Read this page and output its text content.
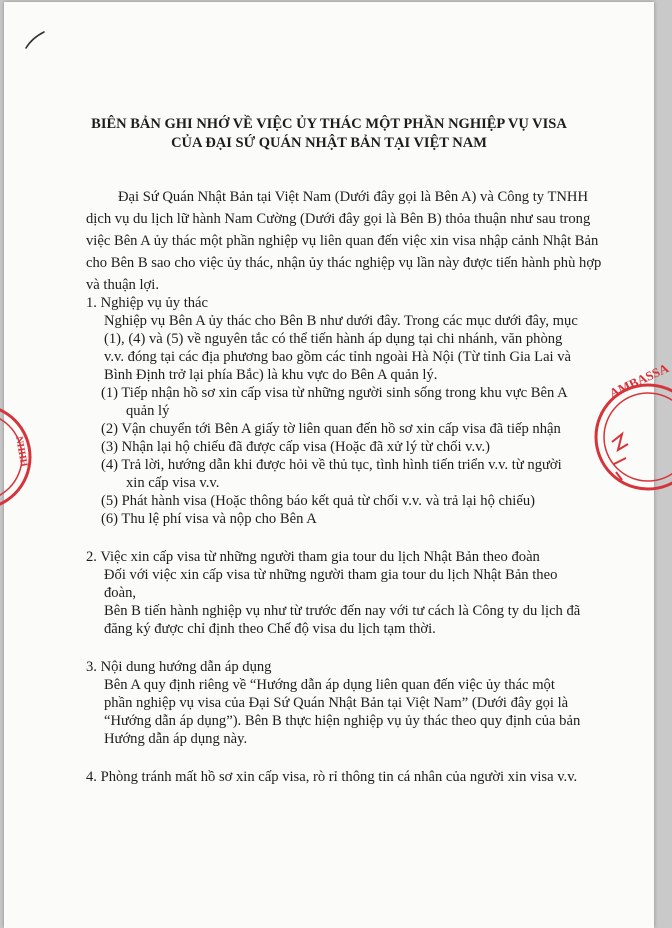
BIÊN BẢN GHI NHỚ VỀ VIỆC ỦY THÁC MỘT PHẦN NGHIỆP VỤ VISA
CỦA ĐẠI SỨ QUÁN NHẬT BẢN TẠI VIỆT NAM
Đại Sứ Quán Nhật Bản tại Việt Nam (Dưới đây gọi là Bên A) và Công ty TNHH
dịch vụ du lịch lữ hành Nam Cường (Dưới đây gọi là Bên B) thỏa thuận như sau trong
việc Bên A ủy thác một phần nghiệp vụ liên quan đến việc xin visa nhập cảnh Nhật Bản
cho Bên B sao cho việc ủy thác, nhận ủy thác nghiệp vụ lần này được tiến hành phù hợp
và thuận lợi.
1. Nghiệp vụ ủy thác
Nghiệp vụ Bên A ủy thác cho Bên B như dưới đây. Trong các mục dưới đây, mục
(1), (4) và (5) về nguyên tắc có thể tiến hành áp dụng tại chi nhánh, văn phòng
v.v. đóng tại các địa phương bao gồm các tỉnh ngoài Hà Nội (Từ tỉnh Gia Lai và
Bình Định trở lại phía Bắc) là khu vực do Bên A quản lý.
(1) Tiếp nhận hồ sơ xin cấp visa từ những người sinh sống trong khu vực Bên A
quản lý
(2) Vận chuyển tới Bên A giấy tờ liên quan đến hồ sơ xin cấp visa đã tiếp nhận
(3) Nhận lại hộ chiếu đã được cấp visa (Hoặc đã xử lý từ chối v.v.)
(4) Trả lời, hướng dẫn khi được hỏi về thủ tục, tình hình tiến triển v.v. từ người
xin cấp visa v.v.
(5) Phát hành visa (Hoặc thông báo kết quả từ chối v.v. và trả lại hộ chiếu)
(6) Thu lệ phí visa và nộp cho Bên A
2. Việc xin cấp visa từ những người tham gia tour du lịch Nhật Bản theo đoàn
Đối với việc xin cấp visa từ những người tham gia tour du lịch Nhật Bản theo
đoàn,
Bên B tiến hành nghiệp vụ như từ trước đến nay với tư cách là Công ty du lịch đã
đăng ký được chỉ định theo Chế độ visa du lịch tạm thời.
3. Nội dung hướng dẫn áp dụng
Bên A quy định riêng về “Hướng dẫn áp dụng liên quan đến việc ủy thác một
phần nghiệp vụ visa của Đại Sứ Quán Nhật Bản tại Việt Nam” (Dưới đây gọi là
“Hướng dẫn áp dụng”). Bên B thực hiện nghiệp vụ ủy thác theo quy định của bản
Hướng dẫn áp dụng này.
4. Phòng tránh mất hồ sơ xin cấp visa, rò rỉ thông tin cá nhân của người xin visa v.v.
AMBASSA
NHHH
